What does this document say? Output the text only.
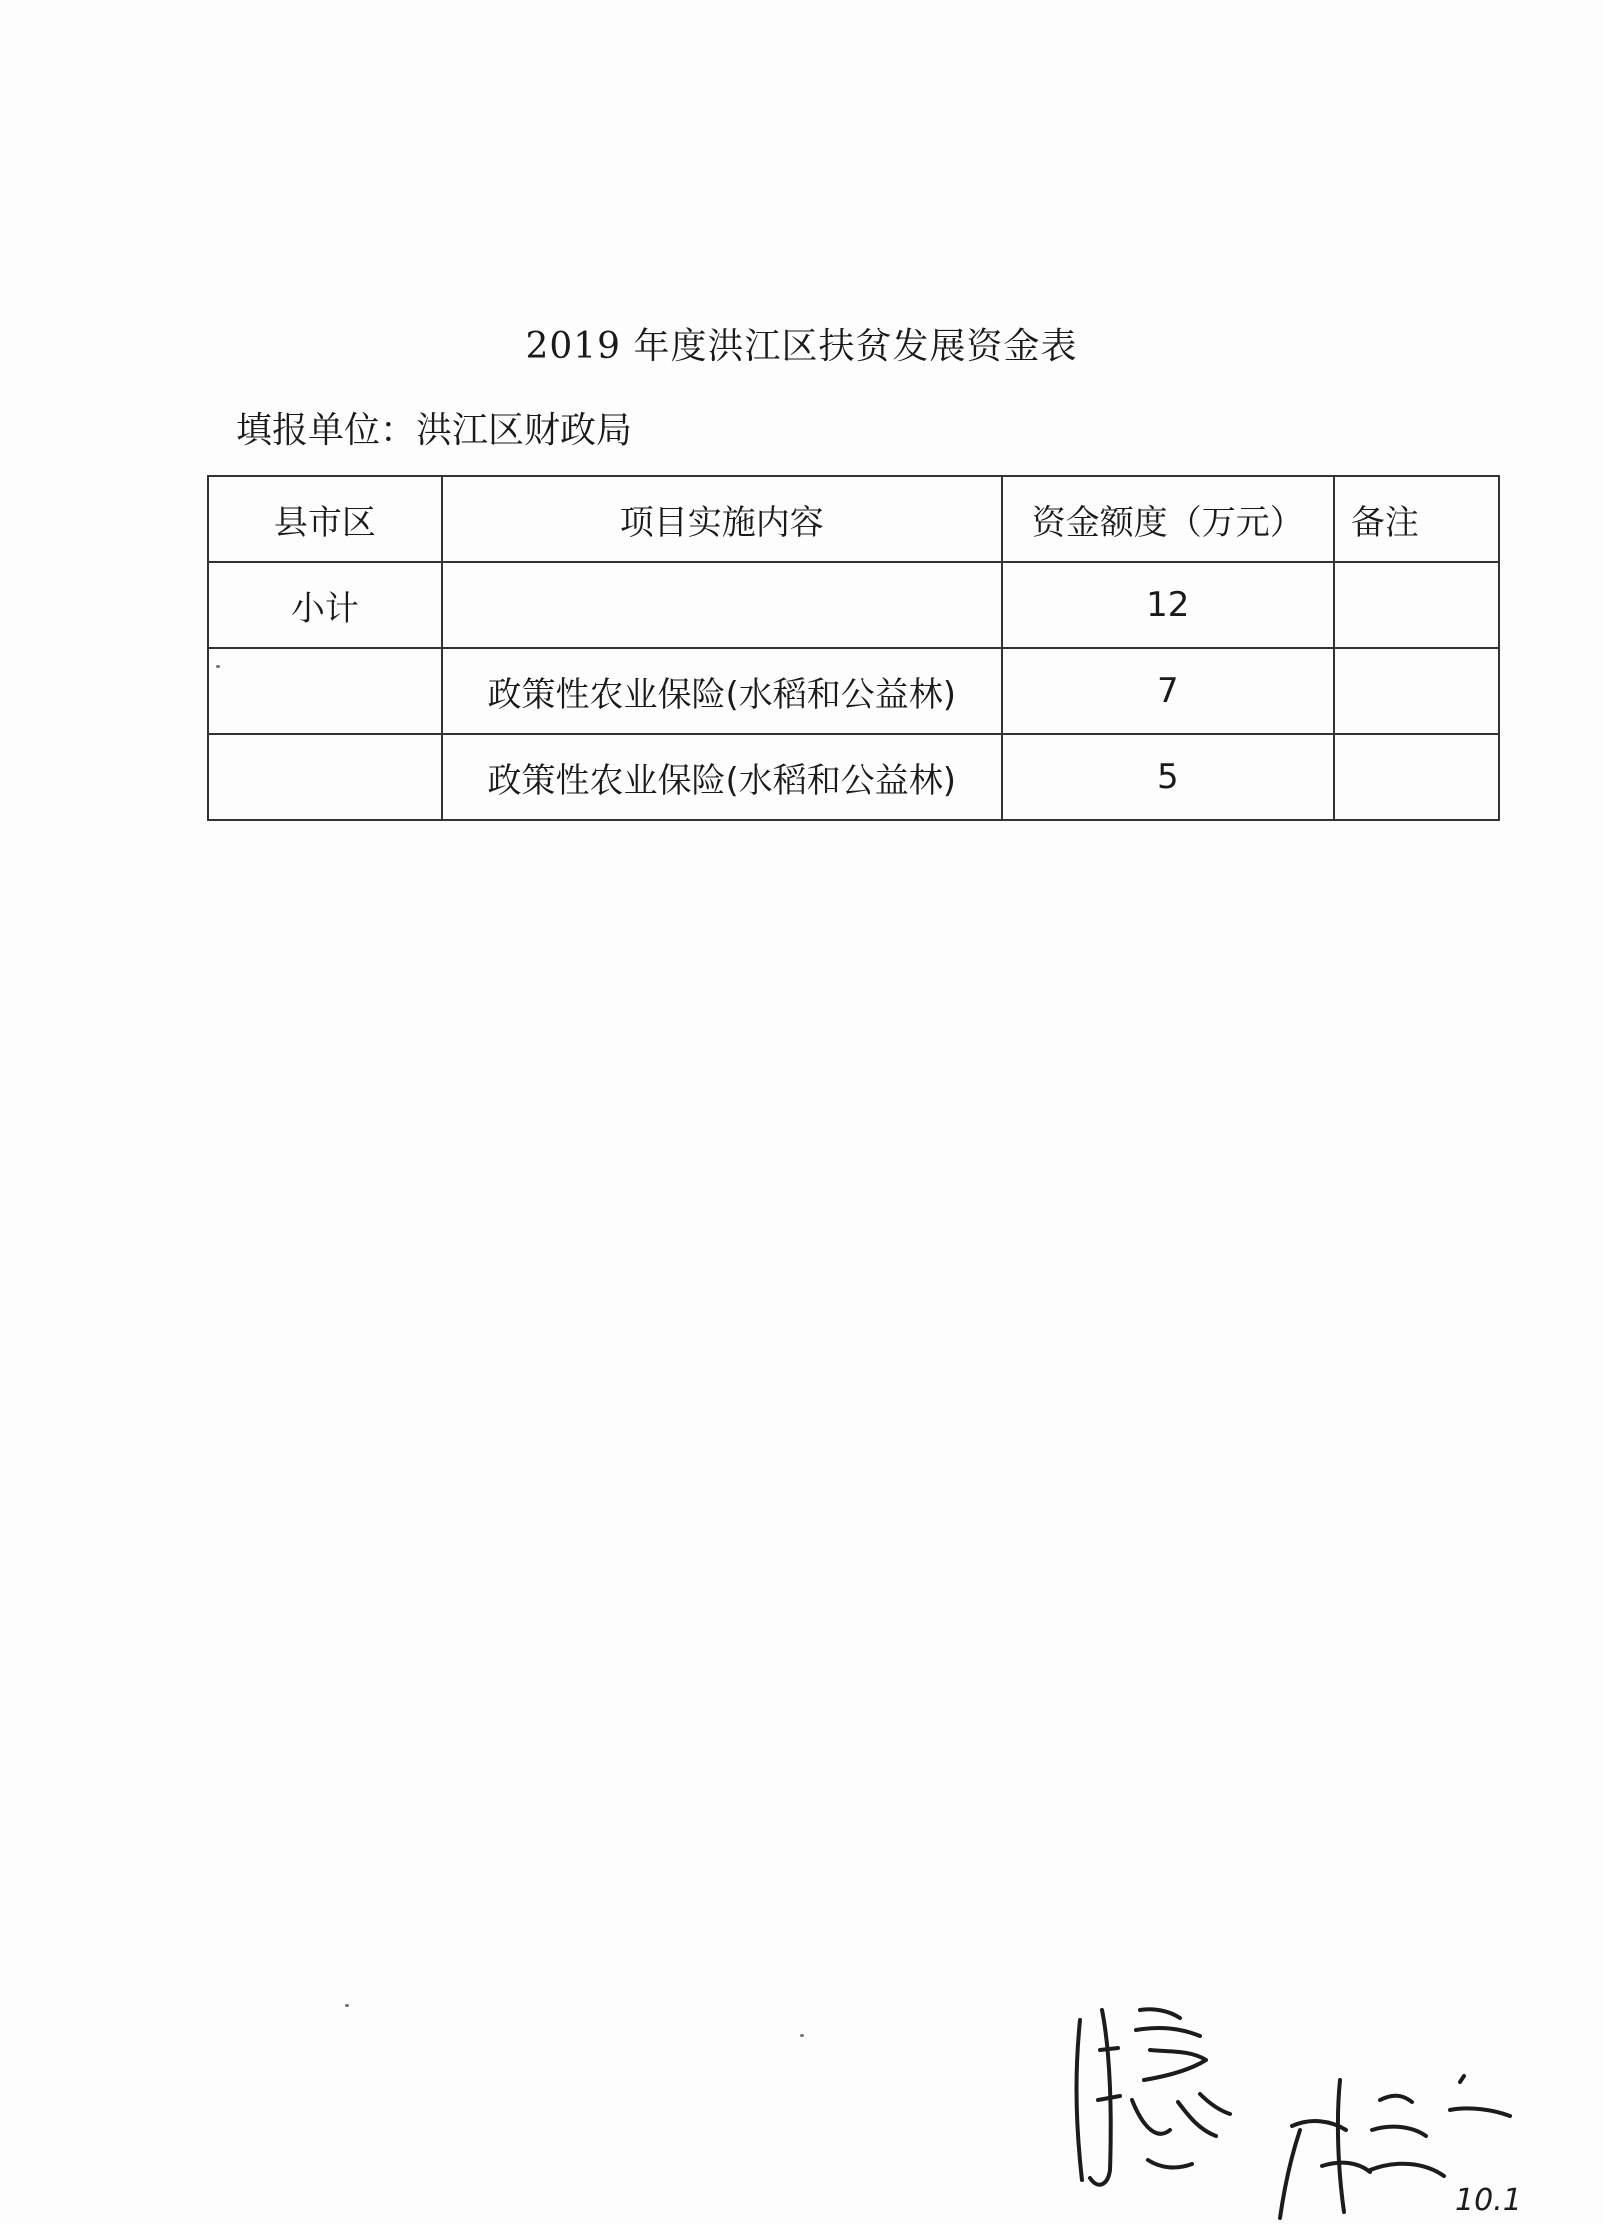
2019 年度洪江区扶贫发展资金表
填报单位：洪江区财政局
县市区	项目实施内容	资金额度（万元）	备注
小计		12	
	政策性农业保险(水稻和公益林)	7	
	政策性农业保险(水稻和公益林)	5	
10.1
